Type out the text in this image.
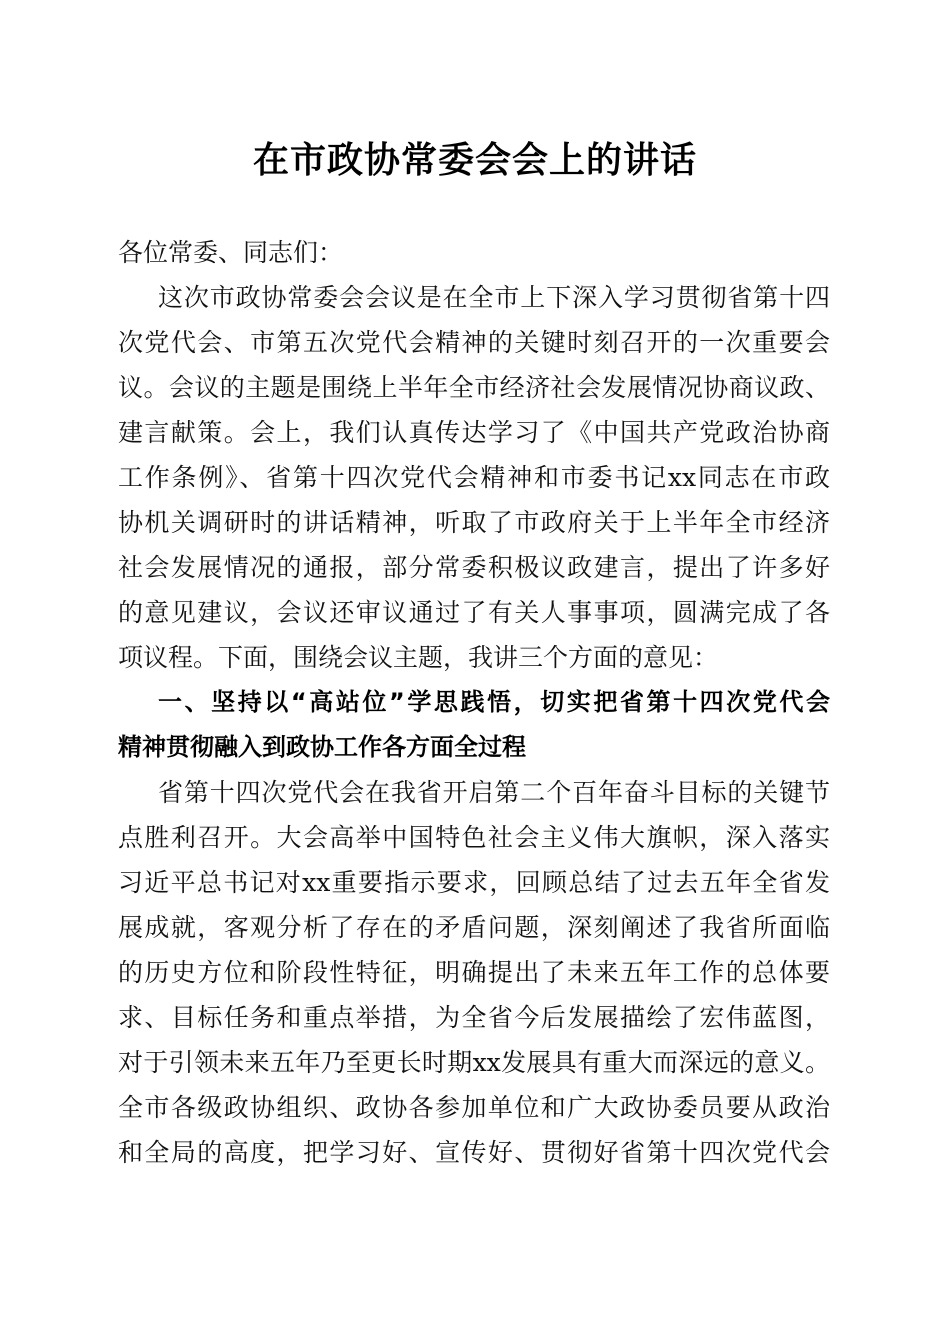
在市政协常委会会上的讲话
各位常委、同志们：
这次市政协常委会会议是在全市上下深入学习贯彻省第十四
次党代会、市第五次党代会精神的关键时刻召开的一次重要会
议。会议的主题是围绕上半年全市经济社会发展情况协商议政、
建言献策。会上，我们认真传达学习了《中国共产党政治协商
工作条例》、省第十四次党代会精神和市委书记xx同志在市政
协机关调研时的讲话精神，听取了市政府关于上半年全市经济
社会发展情况的通报，部分常委积极议政建言，提出了许多好
的意见建议，会议还审议通过了有关人事事项，圆满完成了各
项议程。下面，围绕会议主题，我讲三个方面的意见：
一、坚持以“高站位”学思践悟，切实把省第十四次党代会
精神贯彻融入到政协工作各方面全过程
省第十四次党代会在我省开启第二个百年奋斗目标的关键节
点胜利召开。大会高举中国特色社会主义伟大旗帜，深入落实
习近平总书记对xx重要指示要求，回顾总结了过去五年全省发
展成就，客观分析了存在的矛盾问题，深刻阐述了我省所面临
的历史方位和阶段性特征，明确提出了未来五年工作的总体要
求、目标任务和重点举措，为全省今后发展描绘了宏伟蓝图，
对于引领未来五年乃至更长时期xx发展具有重大而深远的意义。
全市各级政协组织、政协各参加单位和广大政协委员要从政治
和全局的高度，把学习好、宣传好、贯彻好省第十四次党代会
